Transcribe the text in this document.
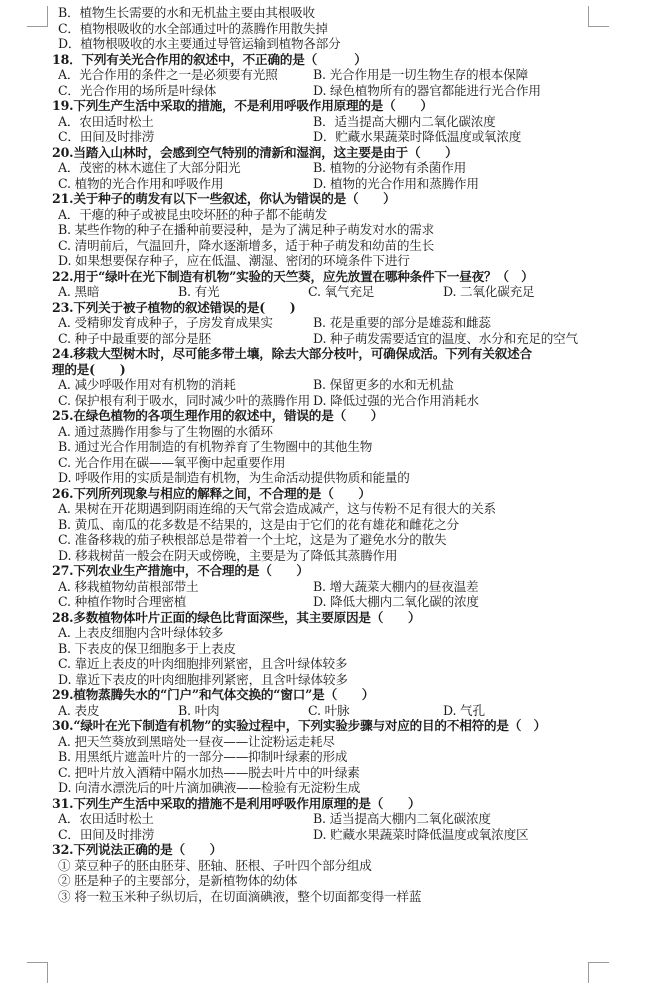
B．植物生长需要的水和无机盐主要由其根吸收
C．植物根吸收的水全部通过叶的蒸腾作用散失掉
D．植物根吸收的水主要通过导管运输到植物各部分
18．下列有关光合作用的叙述中，不正确的是（　　　）
A．光合作用的条件之一是必须要有光照	B. 光合作用是一切生物生存的根本保障
C．光合作用的场所是叶绿体	D. 绿色植物所有的器官都能进行光合作用
19.下列生产生活中采取的措施，不是利用呼吸作用原理的是（　　）
A．农田适时松土	B．适当提高大棚内二氧化碳浓度
C．田间及时排涝	D．贮藏水果蔬菜时降低温度或氧浓度
20.当踏入山林时，会感到空气特别的清新和湿润，这主要是由于（　　）
A．茂密的林木遮住了大部分阳光	B. 植物的分泌物有杀菌作用
C. 植物的光合作用和呼吸作用	D. 植物的光合作用和蒸腾作用
21.关于种子的萌发有以下一些叙述，你认为错误的是（　　）
A．干瘪的种子或被昆虫咬坏胚的种子都不能萌发
B. 某些作物的种子在播种前要浸种，是为了满足种子萌发对水的需求
C. 清明前后，气温回升，降水逐渐增多，适于种子萌发和幼苗的生长
D. 如果想要保存种子，应在低温、潮湿、密闭的环境条件下进行
22.用于“绿叶在光下制造有机物”实验的天竺葵，应先放置在哪种条件下一昼夜？（　）
A. 黑暗	B. 有光	C. 氧气充足	D. 二氧化碳充足
23.下列关于被子植物的叙述错误的是(　　)
A. 受精卵发育成种子，子房发育成果实	B. 花是重要的部分是雄蕊和雌蕊
C. 种子中最重要的部分是胚	D. 种子萌发需要适宜的温度、水分和充足的空气
24.移栽大型树木时，尽可能多带土壤，除去大部分枝叶，可确保成活。下列有关叙述合
理的是(　　)
A. 减少呼吸作用对有机物的消耗	B. 保留更多的水和无机盐
C. 保护根有利于吸水，同时减少叶的蒸腾作用 D. 降低过强的光合作用消耗水
25.在绿色植物的各项生理作用的叙述中，错误的是（　　）
A. 通过蒸腾作用参与了生物圈的水循环
B. 通过光合作用制造的有机物养育了生物圈中的其他生物
C. 光合作用在碳——氧平衡中起重要作用
D. 呼吸作用的实质是制造有机物，为生命活动提供物质和能量的
26.下列所列现象与相应的解释之间，不合理的是（　　）
A. 果树在开花期遇到阴雨连绵的天气常会造成减产，这与传粉不足有很大的关系
B. 黄瓜、南瓜的花多数是不结果的，这是由于它们的花有雄花和雌花之分
C. 准备移栽的茄子秧根部总是带着一个土坨，这是为了避免水分的散失
D. 移栽树苗一般会在阴天或傍晚，主要是为了降低其蒸腾作用
27.下列农业生产措施中，不合理的是（　　）
A. 移栽植物幼苗根部带土	B. 增大蔬菜大棚内的昼夜温差
C. 种植作物时合理密植	D. 降低大棚内二氧化碳的浓度
28.多数植物体叶片正面的绿色比背面深些，其主要原因是（　　）
A. 上表皮细胞内含叶绿体较多
B. 下表皮的保卫细胞多于上表皮
C. 靠近上表皮的叶肉细胞排列紧密，且含叶绿体较多
D. 靠近下表皮的叶肉细胞排列紧密，且含叶绿体较多
29.植物蒸腾失水的“门户”和气体交换的“窗口”是（　　）
A. 表皮	B. 叶肉	C. 叶脉	D. 气孔
30.“绿叶在光下制造有机物”的实验过程中，下列实验步骤与对应的目的不相符的是（　）
A. 把天竺葵放到黑暗处一昼夜——让淀粉运走耗尽
B. 用黑纸片遮盖叶片的一部分——抑制叶绿素的形成
C. 把叶片放入酒精中隔水加热——脱去叶片中的叶绿素
D. 向清水漂洗后的叶片滴加碘液——检验有无淀粉生成
31.下列生产生活中采取的措施不是利用呼吸作用原理的是（　　）
A．农田适时松土	B. 适当提高大棚内二氧化碳浓度
C．田间及时排涝	D. 贮藏水果蔬菜时降低温度或氧浓度区
32.下列说法正确的是（　　）
① 菜豆种子的胚由胚芽、胚轴、胚根、子叶四个部分组成
② 胚是种子的主要部分，是新植物体的幼体
③ 将一粒玉米种子纵切后，在切面滴碘液，整个切面都变得一样蓝
